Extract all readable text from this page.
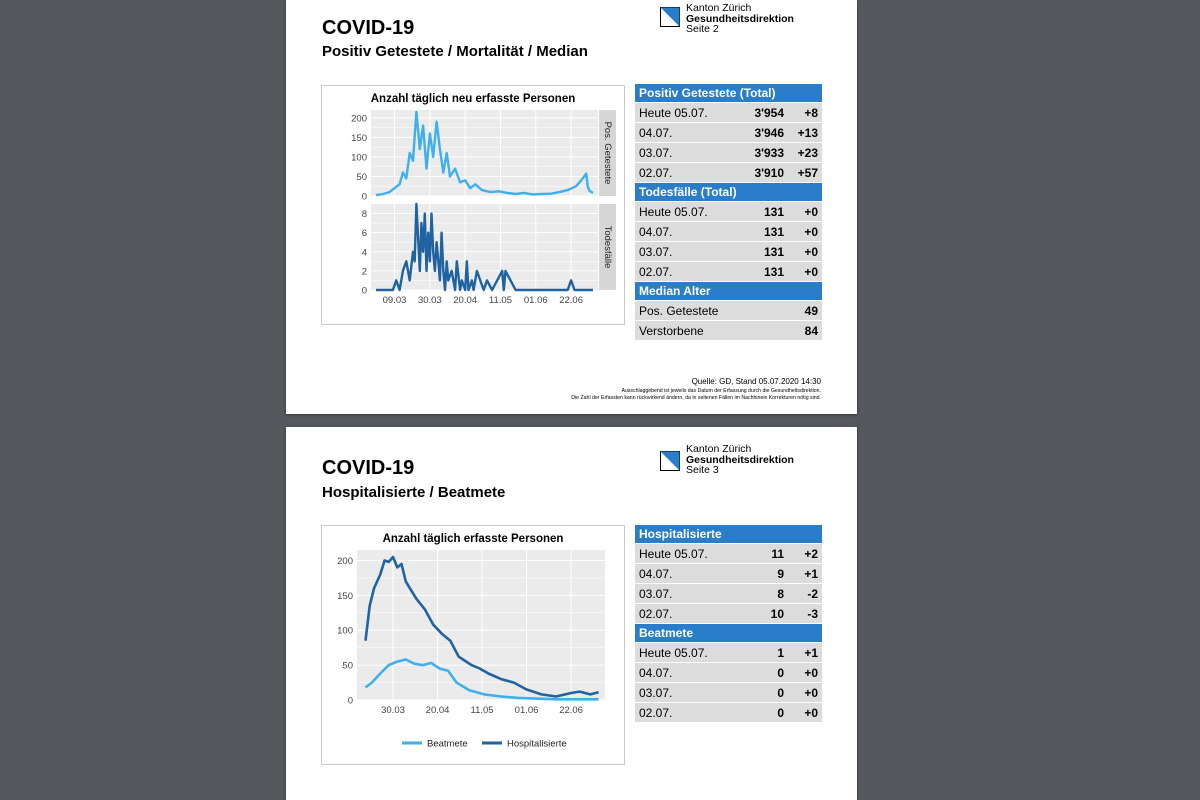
COVID-19
Positiv Getestete / Mortalität / Median
Kanton Zürich
Gesundheitsdirektion
Seite 2
Anzahl täglich neu erfasste Personen
0
50
100
150
200
Pos. Getestete
0
2
4
6
8
Todesfälle
09.03 30.03 20.04 11.05 01.06 22.06
Positiv Getestete (Total)
Heute 05.07.	3'954 +8
04.07.	3'946 +13
03.07.	3'933 +23
02.07.	3'910 +57
Todesfälle (Total)
Heute 05.07.	131 +0
04.07.	131 +0
03.07.	131 +0
02.07.	131 +0
Median Alter
Pos. Getestete	49
Verstorbene	84
Quelle: GD, Stand 05.07.2020 14:30
Ausschlaggebend ist jeweils das Datum der Erfassung durch die Gesundheitsdirektion.
Die Zahl der Erfassten kann rückwirkend ändern, da in seltenen Fällen im Nachhinein Korrekturen nötig sind.
COVID-19
Hospitalisierte / Beatmete
Kanton Zürich
Gesundheitsdirektion
Seite 3
Anzahl täglich erfasste Personen
0
50
100
150
200
30.03 20.04 11.05 01.06 22.06
Beatmete	Hospitalisierte
Hospitalisierte
Heute 05.07.	11 +2
04.07.	9 +1
03.07.	8 -2
02.07.	10 -3
Beatmete
Heute 05.07.	1 +1
04.07.	0 +0
03.07.	0 +0
02.07.	0 +0
